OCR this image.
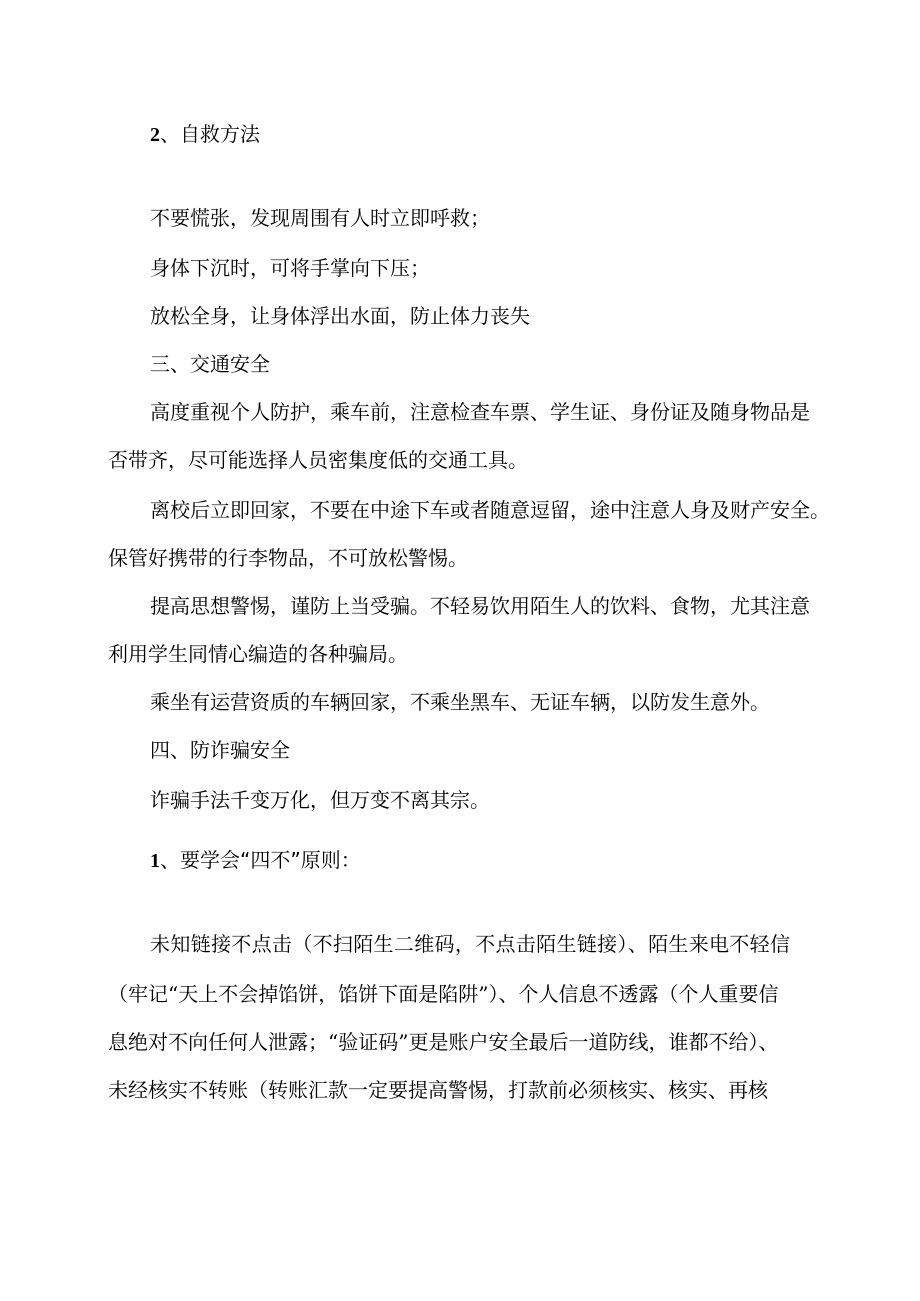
2、自救方法

不要慌张，发现周围有人时立即呼救；

身体下沉时，可将手掌向下压；

放松全身，让身体浮出水面，防止体力丧失

三、交通安全

高度重视个人防护，乘车前，注意检查车票、学生证、身份证及随身物品是

否带齐，尽可能选择人员密集度低的交通工具。

离校后立即回家，不要在中途下车或者随意逗留，途中注意人身及财产安全。

保管好携带的行李物品，不可放松警惕。

提高思想警惕，谨防上当受骗。不轻易饮用陌生人的饮料、食物，尤其注意

利用学生同情心编造的各种骗局。

乘坐有运营资质的车辆回家，不乘坐黑车、无证车辆，以防发生意外。

四、防诈骗安全

诈骗手法千变万化，但万变不离其宗。

1、要学会“四不”原则：

未知链接不点击（不扫陌生二维码，不点击陌生链接）、陌生来电不轻信

（牢记“天上不会掉馅饼，馅饼下面是陷阱”）、个人信息不透露（个人重要信

息绝对不向任何人泄露；“验证码”更是账户安全最后一道防线，谁都不给）、

未经核实不转账（转账汇款一定要提高警惕，打款前必须核实、核实、再核
